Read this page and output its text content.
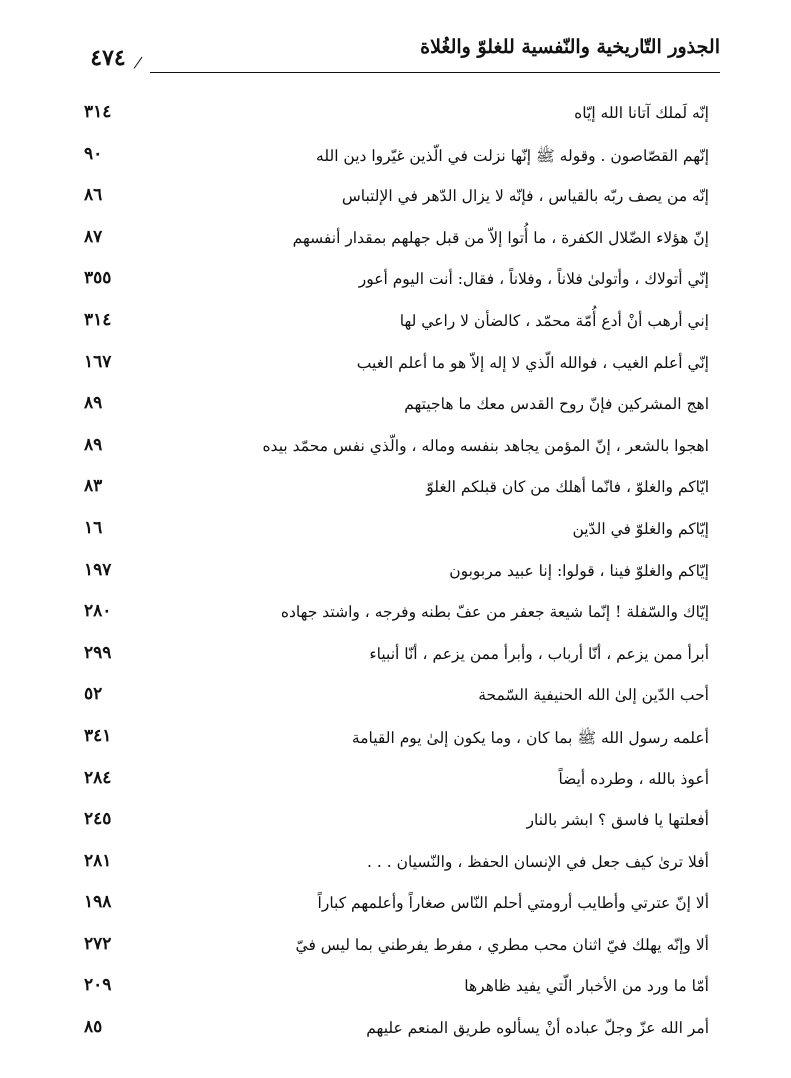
الجذور التّاريخية والنّفسية للغلوّ والغُلاة
٤٧٤
إنّه لَملك آتانا الله إيّاه
٣١٤
إنّهم القصّاصون . وقوله ﷺ إنّها نزلت في الّذين غيّروا دين الله
٩٠
إنّه من يصف ربّه بالقياس ، فإنّه لا يزال الدّهر في الإلتباس
٨٦
إنّ هؤلاء الضّلال الكفرة ، ما أُتوا إلاّ من قبل جهلهم بمقدار أنفسهم
٨٧
إنّي أتولاك ، وأتولىٰ فلاناً ، وفلاناً ، فقال: أنت اليوم أعور
٣٥٥
إني أرهب أنْ أدع أُمّة محمّد ، كالضأن لا راعي لها
٣١٤
إنّي أعلم الغيب ، فوالله الّذي لا إله إلاّ هو ما أعلم الغيب
١٦٧
اهج المشركين فإنّ روح القدس معك ما هاجيتهم
٨٩
اهجوا بالشعر ، إنّ المؤمن يجاهد بنفسه وماله ، والّذي نفس محمّد بيده
٨٩
ايّاكم والغلوّ ، فانّما أهلك من كان قبلكم الغلوّ
٨٣
إيّاكم والغلوّ في الدّين
١٦
إيّاكم والغلوّ فينا ، قولوا: إنا عبيد مربوبون
١٩٧
إيّاك والسّفلة ! إنّما شيعة جعفر من عفّ بطنه وفرجه ، واشتد جهاده
٢٨٠
أبرأ ممن يزعم ، أنّا أرباب ، وأبرأ ممن يزعم ، أنّا أنبياء
٢٩٩
أحب الدّين إلىٰ الله الحنيفية السّمحة
٥٢
أعلمه رسول الله ﷺ بما كان ، وما يكون إلىٰ يوم القيامة
٣٤١
أعوذ بالله ، وطرده أيضاً
٢٨٤
أفعلتها يا فاسق ؟ ابشر بالنار
٢٤٥
أفلا ترىٰ كيف جعل في الإنسان الحفظ ، والنّسيان . . .
٢٨١
ألا إنّ عترتي وأطايب أرومتي أحلم النّاس صغاراً وأعلمهم كباراً
١٩٨
ألا وإنّه يهلك فيّ اثنان محب مطري ، مفرط يفرطني بما ليس فيّ
٢٧٢
أمّا ما ورد من الأخبار الّتي يفيد ظاهرها
٢٠٩
أمر الله عزّ وجلّ عباده أنْ يسألوه طريق المنعم عليهم
٨٥
